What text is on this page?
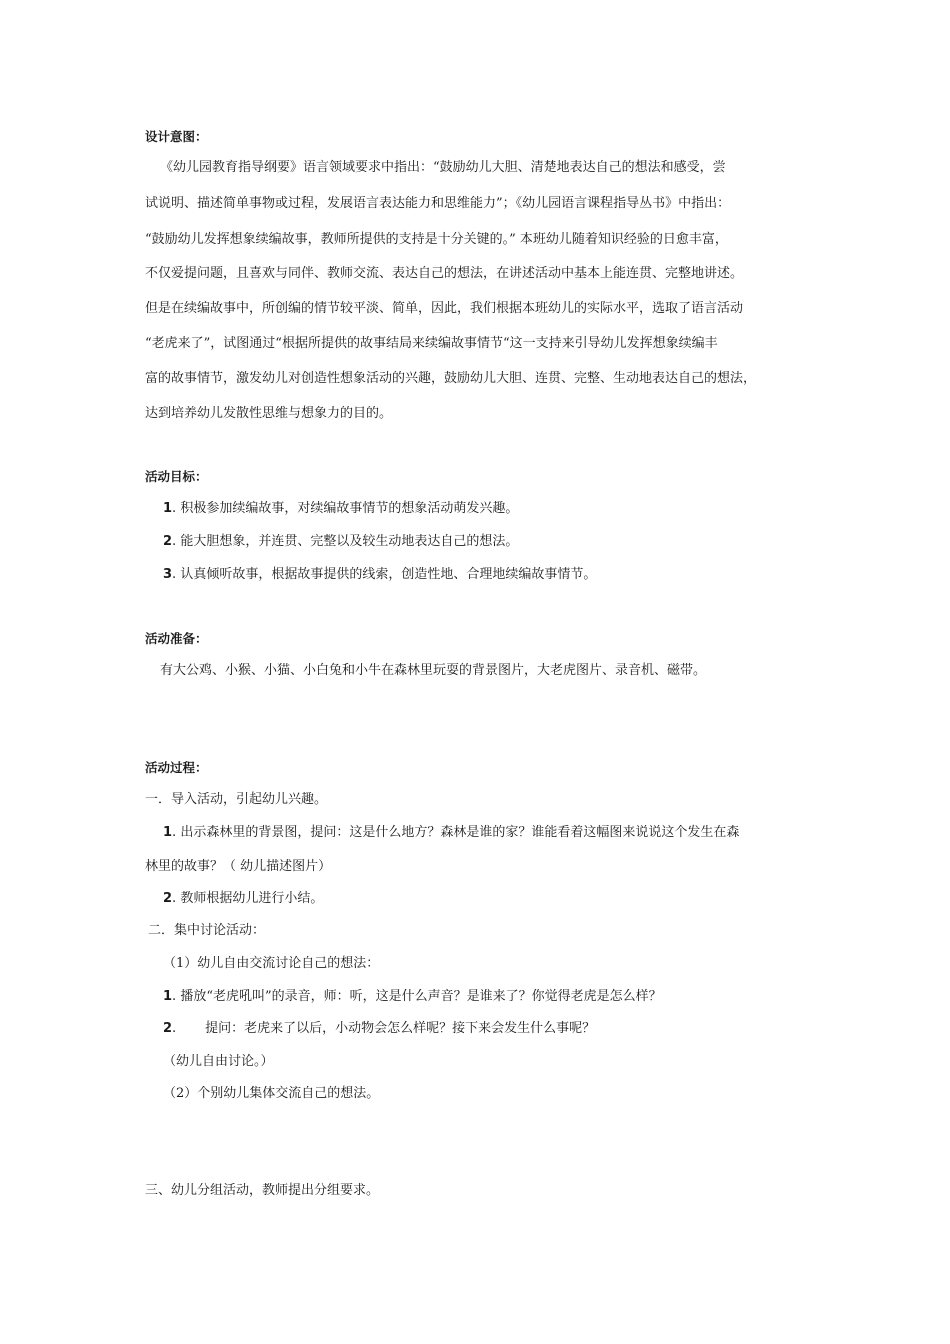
设计意图：
《幼儿园教育指导纲要》语言领域要求中指出：“鼓励幼儿大胆、清楚地表达自己的想法和感受，尝
试说明、描述简单事物或过程，发展语言表达能力和思维能力”；《幼儿园语言课程指导丛书》中指出：
“鼓励幼儿发挥想象续编故事，教师所提供的支持是十分关键的。” 本班幼儿随着知识经验的日愈丰富，
不仅爱提问题，且喜欢与同伴、教师交流、表达自己的想法，在讲述活动中基本上能连贯、完整地讲述。
但是在续编故事中，所创编的情节较平淡、简单，因此，我们根据本班幼儿的实际水平，选取了语言活动
“老虎来了”，试图通过“根据所提供的故事结局来续编故事情节“这一支持来引导幼儿发挥想象续编丰
富的故事情节，激发幼儿对创造性想象活动的兴趣，鼓励幼儿大胆、连贯、完整、生动地表达自己的想法，
达到培养幼儿发散性思维与想象力的目的。
活动目标：
1. 积极参加续编故事，对续编故事情节的想象活动萌发兴趣。
2. 能大胆想象，并连贯、完整以及较生动地表达自己的想法。
3. 认真倾听故事，根据故事提供的线索，创造性地、合理地续编故事情节。
活动准备：
有大公鸡、小猴、小猫、小白兔和小牛在森林里玩耍的背景图片，大老虎图片、录音机、磁带。
活动过程：
一．导入活动，引起幼儿兴趣。
1. 出示森林里的背景图，提问：这是什么地方？森林是谁的家？谁能看着这幅图来说说这个发生在森
林里的故事？（ 幼儿描述图片）
2. 教师根据幼儿进行小结。
二．集中讨论活动：
（1）幼儿自由交流讨论自己的想法：
1. 播放“老虎吼叫”的录音，师：听，这是什么声音？是谁来了？你觉得老虎是怎么样？
2.       提问：老虎来了以后，小动物会怎么样呢？接下来会发生什么事呢？
（幼儿自由讨论。）
（2）个别幼儿集体交流自己的想法。
三、幼儿分组活动，教师提出分组要求。
